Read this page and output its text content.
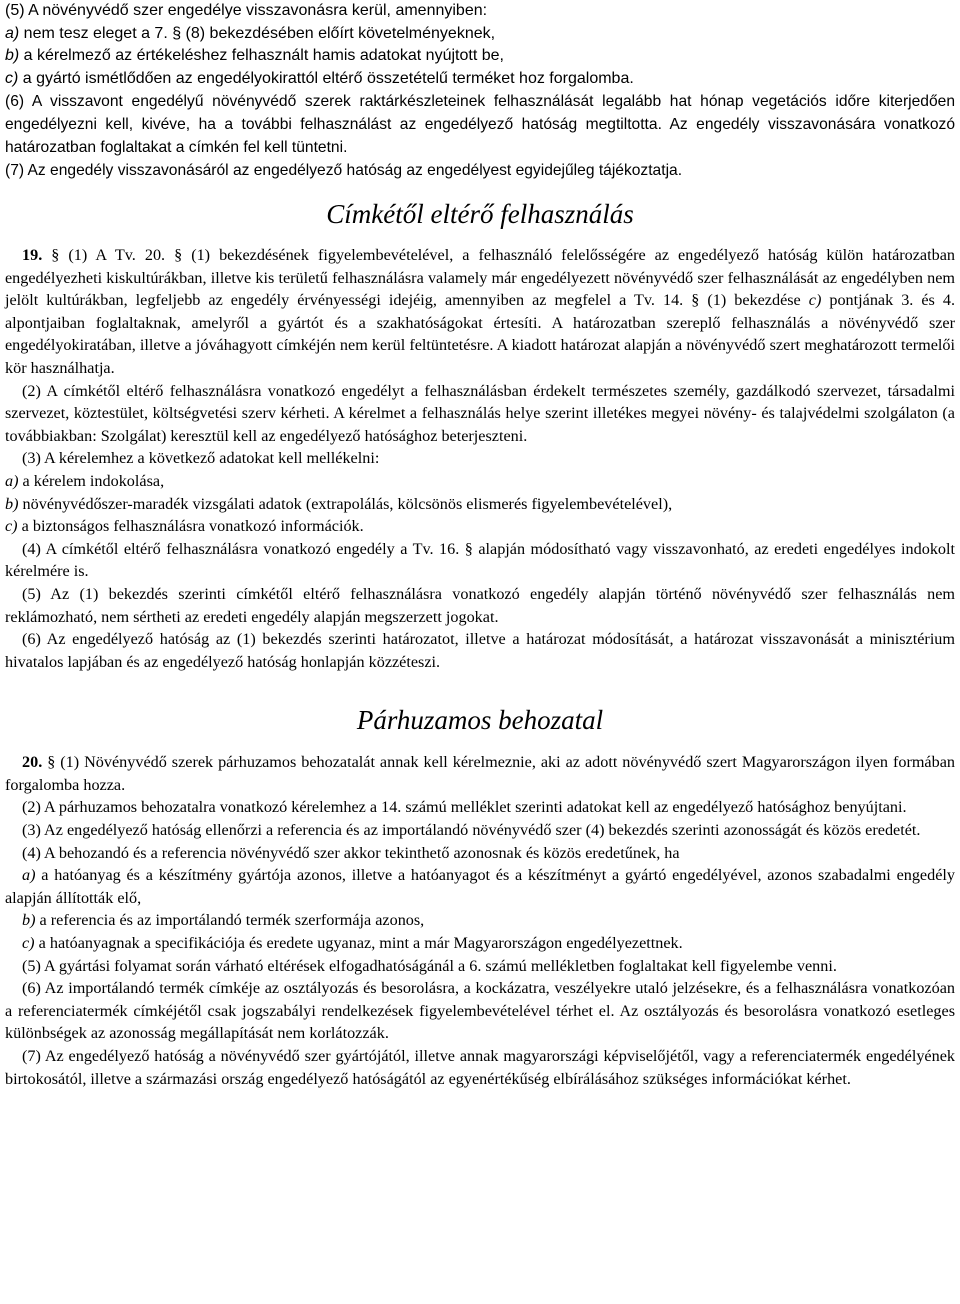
(5) A növényvédő szer engedélye visszavonásra kerül, amennyiben:
a) nem tesz eleget a 7. § (8) bekezdésében előírt követelményeknek,
b) a kérelmező az értékeléshez felhasznált hamis adatokat nyújtott be,
c) a gyártó ismétlődően az engedélyokirattól eltérő összetételű terméket hoz forgalomba.

(6) A visszavont engedélyű növényvédő szerek raktárkészleteinek felhasználását legalább hat hónap vegetációs időre kiterjedően engedélyezni kell, kivéve, ha a további felhasználást az engedélyező hatóság megtiltotta. Az engedély visszavonására vonatkozó határozatban foglaltakat a címkén fel kell tüntetni.

(7) Az engedély visszavonásáról az engedélyező hatóság az engedélyest egyidejűleg tájékoztatja.

Címkétől eltérő felhasználás

19. § (1) A Tv. 20. § (1) bekezdésének figyelembevételével, a felhasználó felelősségére az engedélyező hatóság külön határozatban engedélyezheti kiskultúrákban, illetve kis területű felhasználásra valamely már engedélyezett növényvédő szer felhasználását az engedélyben nem jelölt kultúrákban, legfeljebb az engedély érvényességi idejéig, amennyiben az megfelel a Tv. 14. § (1) bekezdése c) pontjának 3. és 4. alpontjaiban foglaltaknak, amelyről a gyártót és a szakhatóságokat értesíti. A határozatban szereplő felhasználás a növényvédő szer engedélyokiratában, illetve a jóváhagyott címkéjén nem kerül feltüntetésre. A kiadott határozat alapján a növényvédő szert meghatározott termelői kör használhatja.

(2) A címkétől eltérő felhasználásra vonatkozó engedélyt a felhasználásban érdekelt természetes személy, gazdálkodó szervezet, társadalmi szervezet, köztestület, költségvetési szerv kérheti. A kérelmet a felhasználás helye szerint illetékes megyei növény- és talajvédelmi szolgálaton (a továbbiakban: Szolgálat) keresztül kell az engedélyező hatósághoz beterjeszteni.

(3) A kérelemhez a következő adatokat kell mellékelni:

a) a kérelem indokolása,
b) növényvédőszer-maradék vizsgálati adatok (extrapolálás, kölcsönös elismerés figyelembevételével),
c) a biztonságos felhasználásra vonatkozó információk.

(4) A címkétől eltérő felhasználásra vonatkozó engedély a Tv. 16. § alapján módosítható vagy visszavonható, az eredeti engedélyes indokolt kérelmére is.

(5) Az (1) bekezdés szerinti címkétől eltérő felhasználásra vonatkozó engedély alapján történő növényvédő szer felhasználás nem reklámozható, nem sértheti az eredeti engedély alapján megszerzett jogokat.

(6) Az engedélyező hatóság az (1) bekezdés szerinti határozatot, illetve a határozat módosítását, a határozat visszavonását a minisztérium hivatalos lapjában és az engedélyező hatóság honlapján közzéteszi.

Párhuzamos behozatal

20. § (1) Növényvédő szerek párhuzamos behozatalát annak kell kérelmeznie, aki az adott növényvédő szert Magyarországon ilyen formában forgalomba hozza.

(2) A párhuzamos behozatalra vonatkozó kérelemhez a 14. számú melléklet szerinti adatokat kell az engedélyező hatósághoz benyújtani.

(3) Az engedélyező hatóság ellenőrzi a referencia és az importálandó növényvédő szer (4) bekezdés szerinti azonosságát és közös eredetét.

(4) A behozandó és a referencia növényvédő szer akkor tekinthető azonosnak és közös eredetűnek, ha

a) a hatóanyag és a készítmény gyártója azonos, illetve a hatóanyagot és a készítményt a gyártó engedélyével, azonos szabadalmi engedély alapján állították elő,

b) a referencia és az importálandó termék szerformája azonos,

c) a hatóanyagnak a specifikációja és eredete ugyanaz, mint a már Magyarországon engedélyezettnek.

(5) A gyártási folyamat során várható eltérések elfogadhatóságánál a 6. számú mellékletben foglaltakat kell figyelembe venni.

(6) Az importálandó termék címkéje az osztályozás és besorolásra, a kockázatra, veszélyekre utaló jelzésekre, és a felhasználásra vonatkozóan a referenciatermék címkéjétől csak jogszabályi rendelkezések figyelembevételével térhet el. Az osztályozás és besorolásra vonatkozó esetleges különbségek az azonosság megállapítását nem korlátozzák.

(7) Az engedélyező hatóság a növényvédő szer gyártójától, illetve annak magyarországi képviselőjétől, vagy a referenciatermék engedélyének birtokosától, illetve a származási ország engedélyező hatóságától az egyenértékűség elbírálásához szükséges információkat kérhet.
